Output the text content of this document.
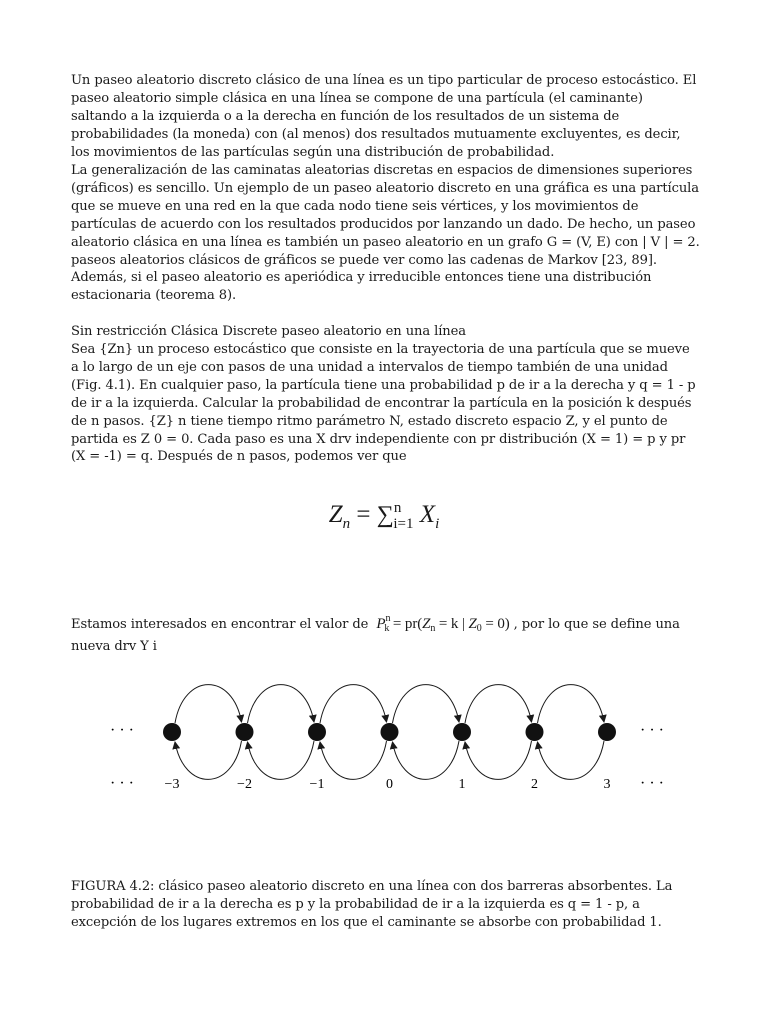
Un paseo aleatorio discreto clásico de una línea es un tipo particular de proceso estocástico. El paseo aleatorio simple clásica en una línea se compone de una partícula (el caminante) saltando a la izquierda o a la derecha en función de los resultados de un sistema de probabilidades (la moneda) con (al menos) dos resultados mutuamente excluyentes, es decir, los movimientos de las partículas según una distribución de probabilidad.

La generalización de las caminatas aleatorias discretas en espacios de dimensiones superiores (gráficos) es sencillo. Un ejemplo de un paseo aleatorio discreto en una gráfica es una partícula que se mueve en una red en la que cada nodo tiene seis vértices, y los movimientos de partículas de acuerdo con los resultados producidos por lanzando un dado. De hecho, un paseo aleatorio clásica en una línea es también un paseo aleatorio en un grafo G = (V, E) con | V | = 2. paseos aleatorios clásicos de gráficos se puede ver como las cadenas de Markov [23, 89]. Además, si el paseo aleatorio es aperiódica y irreducible entonces tiene una distribución estacionaria (teorema 8).

Sin restricción Clásica Discrete paseo aleatorio en una línea

Sea {Zn} un proceso estocástico que consiste en la trayectoria de una partícula que se mueve a lo largo de un eje con pasos de una unidad a intervalos de tiempo también de una unidad (Fig. 4.1). En cualquier paso, la partícula tiene una probabilidad p de ir a la derecha y q = 1 - p de ir a la izquierda. Calcular la probabilidad de encontrar la partícula en la posición k después de n pasos. {Z} n tiene tiempo ritmo parámetro N, estado discreto espacio Z, y el punto de partida es Z 0 = 0. Cada paso es una X drv independiente con pr distribución (X = 1) = p y pr (X = -1) = q. Después de n pasos, podemos ver que

$Z_n = \sum^n_{i=1}$ $X_i$

Estamos interesados en encontrar el valor de $P^n_k = pr(Z_n = k$ | $Z_0 = 0$) , por lo que se define una nueva drv Y i

· · ·	· · ·
· · ·	· · ·
−3	−2	−1	0	1	2	3

FIGURA 4.2: clásico paseo aleatorio discreto en una línea con dos barreras absorbentes. La probabilidad de ir a la derecha es p y la probabilidad de ir a la izquierda es q = 1 - p, a excepción de los lugares extremos en los que el caminante se absorbe con probabilidad 1.
